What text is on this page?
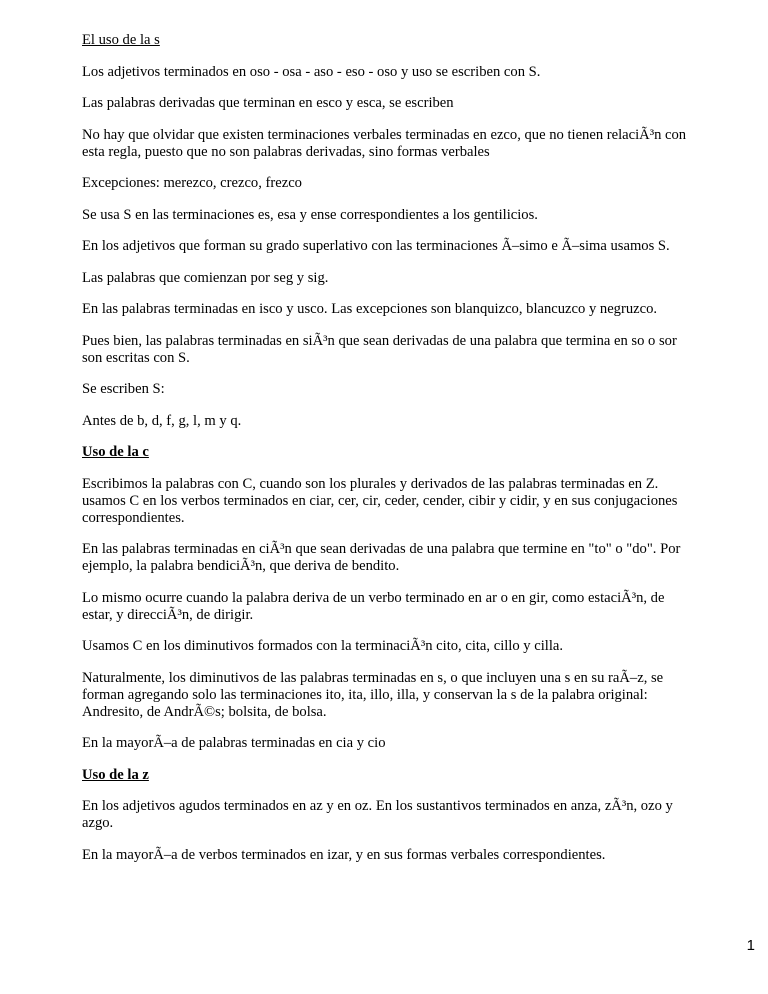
El uso de la s

Los adjetivos terminados en oso - osa - aso - eso - oso y uso se escriben con S.

Las palabras derivadas que terminan en esco y esca, se escriben

No hay que olvidar que existen terminaciones verbales terminadas en ezco, que no tienen relaciÃ³n con esta regla, puesto que no son palabras derivadas, sino formas verbales

Excepciones: merezco, crezco, frezco

Se usa S en las terminaciones es, esa y ense correspondientes a los gentilicios.

En los adjetivos que forman su grado superlativo con las terminaciones Ã–simo e Ã–sima usamos S.

Las palabras que comienzan por seg y sig.

En las palabras terminadas en isco y usco. Las excepciones son blanquizco, blancuzco y negruzco.

Pues bien, las palabras terminadas en siÃ³n que sean derivadas de una palabra que termina en so o sor son escritas con S.

Se escriben S:

Antes de b, d, f, g, l, m y q.

Uso de la c

Escribimos la palabras con C, cuando son los plurales y derivados de las palabras terminadas en Z. usamos C en los verbos terminados en ciar, cer, cir, ceder, cender, cibir y cidir, y en sus conjugaciones correspondientes.

En las palabras terminadas en ciÃ³n que sean derivadas de una palabra que termine en "to" o "do". Por ejemplo, la palabra bendiciÃ³n, que deriva de bendito.

Lo mismo ocurre cuando la palabra deriva de un verbo terminado en ar o en gir, como estaciÃ³n, de estar, y direcciÃ³n, de dirigir.

Usamos C en los diminutivos formados con la terminaciÃ³n cito, cita, cillo y cilla.

Naturalmente, los diminutivos de las palabras terminadas en s, o que incluyen una s en su raÃ–z, se forman agregando solo las terminaciones ito, ita, illo, illa, y conservan la s de la palabra original: Andresito, de AndrÃ©s; bolsita, de bolsa.

En la mayorÃ–a de palabras terminadas en cia y cio

Uso de la z

En los adjetivos agudos terminados en az y en oz. En los sustantivos terminados en anza, zÃ³n, ozo y azgo.

En la mayorÃ–a de verbos terminados en izar, y en sus formas verbales correspondientes.

1
